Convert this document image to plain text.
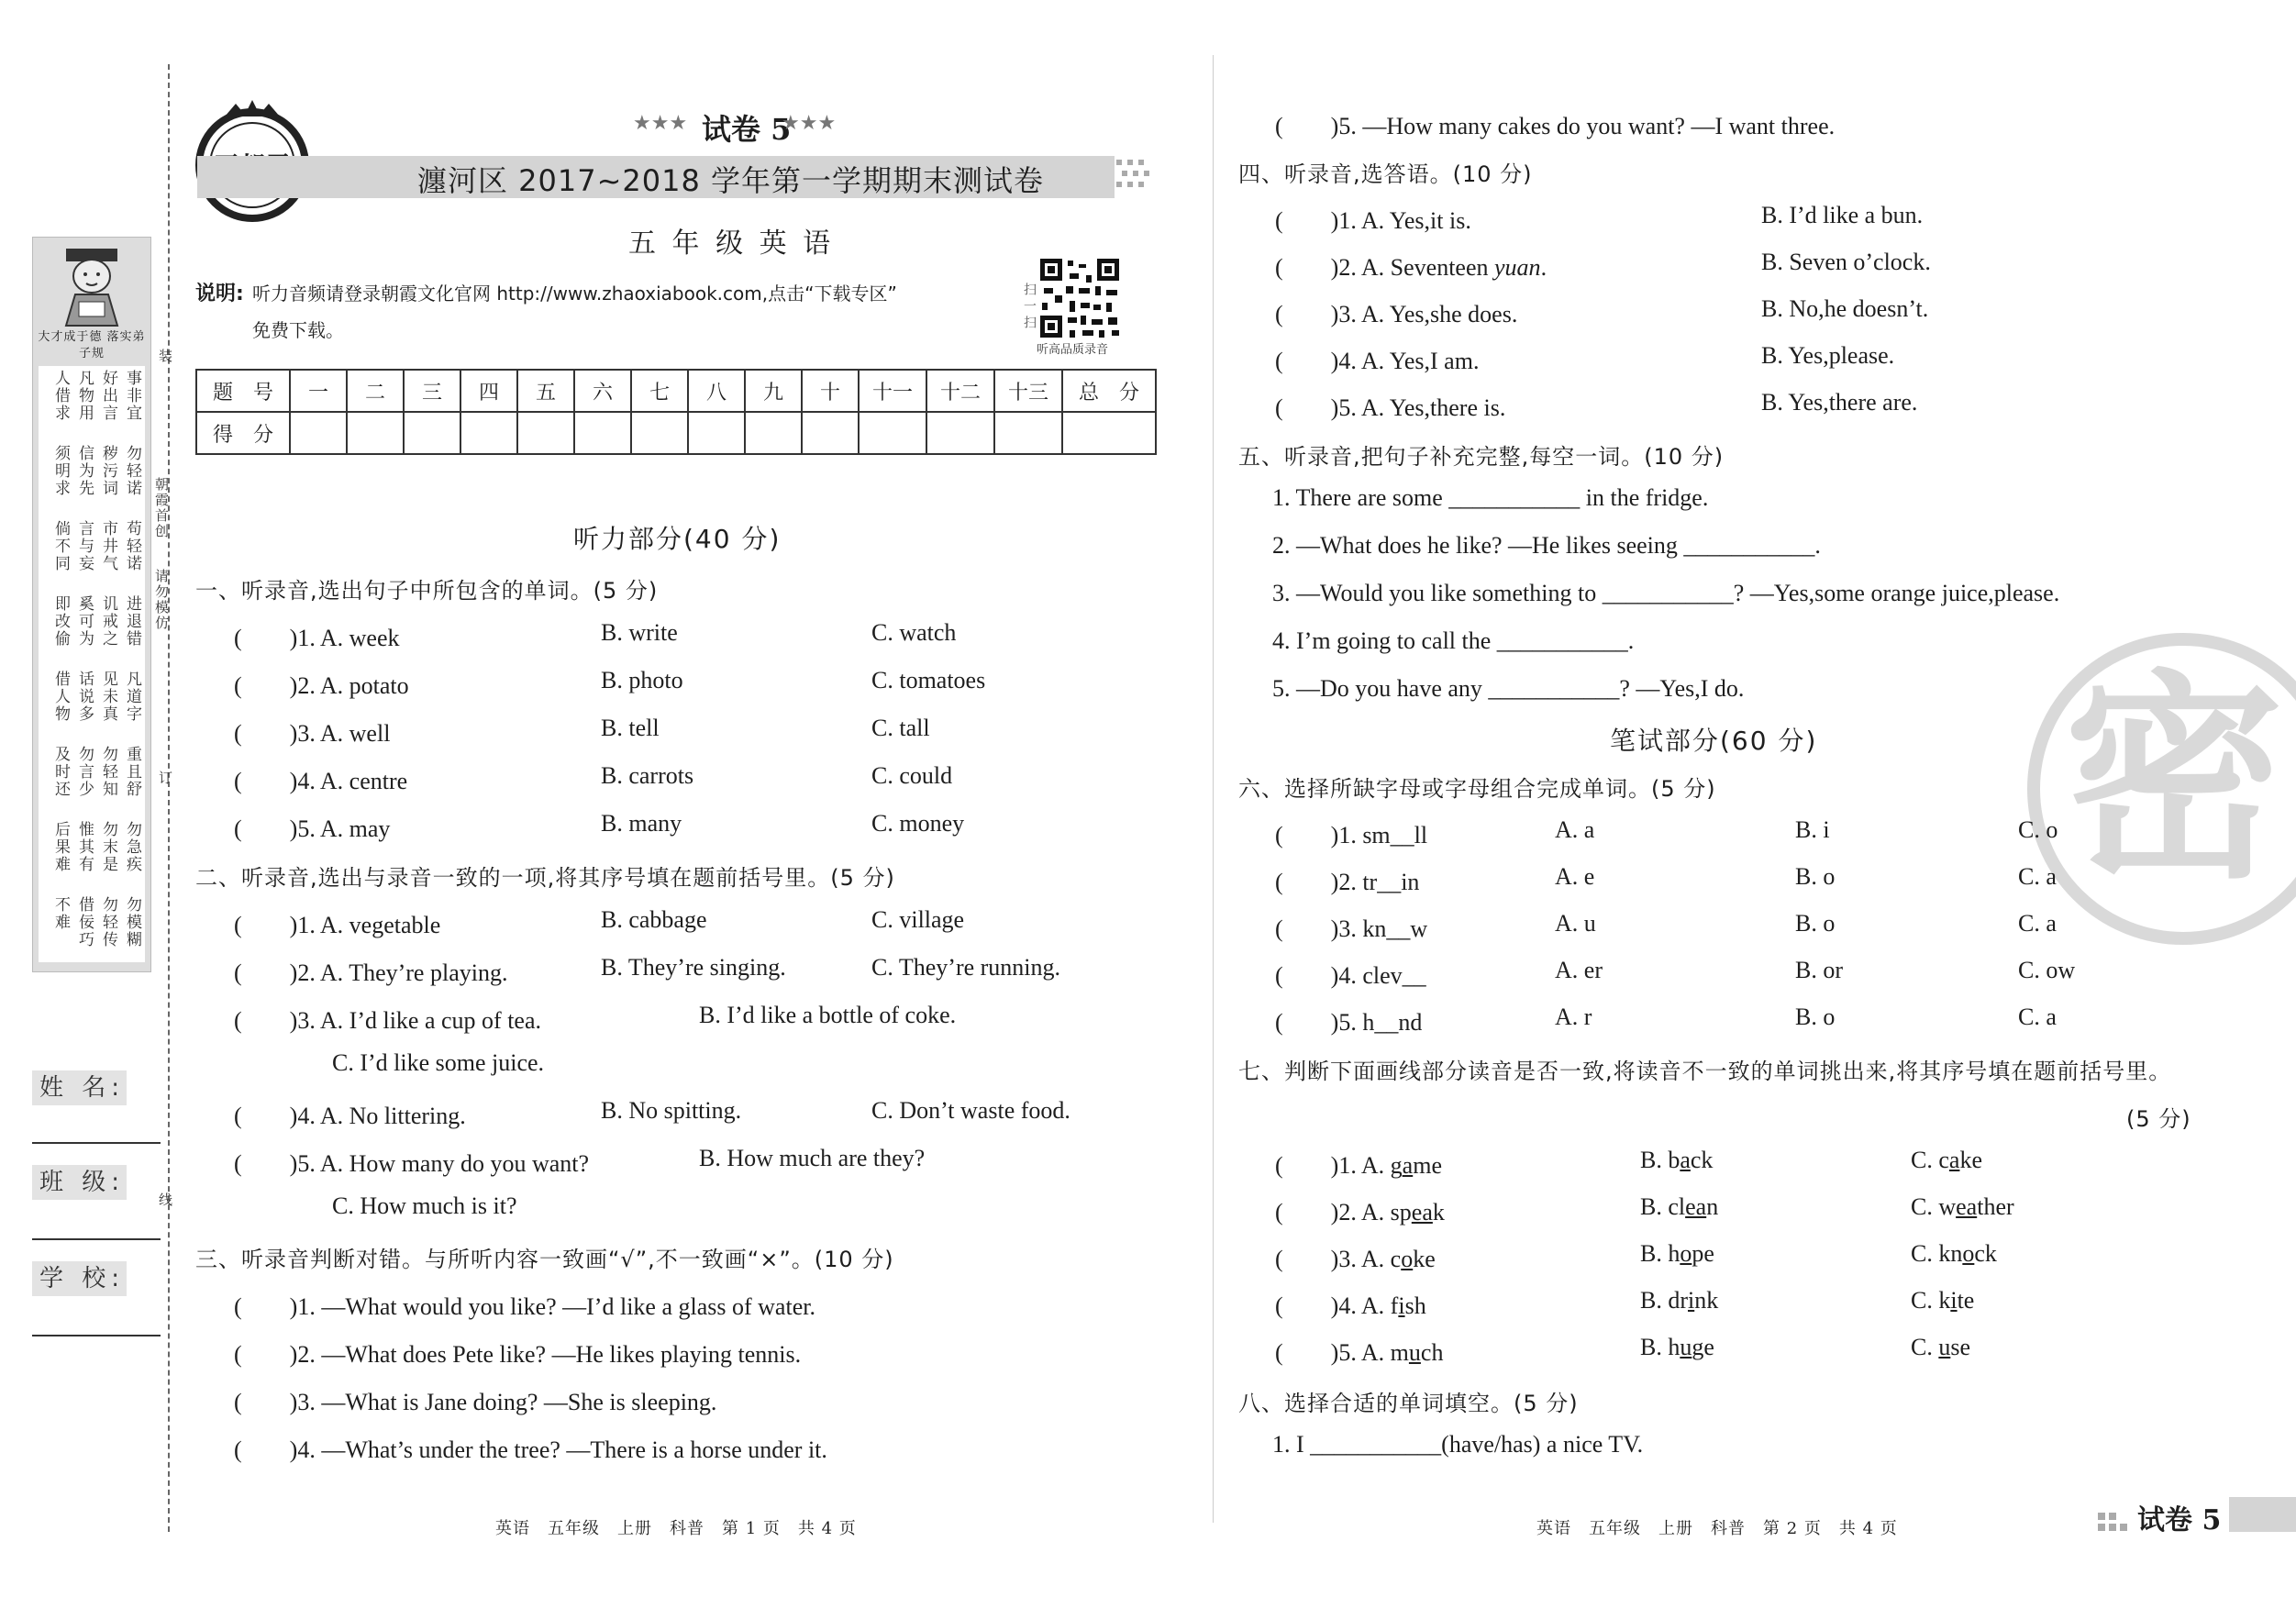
大才成于德 落实弟子规
事非宜
好出言
凡物用
人借求
勿轻诺
秽污词
信为先
须明求
苟轻诺
市井气
言与妄
倘不同
进退错
讥戒之
奚可为
即改偷
凡道字
见未真
话说多
借人物
重且舒
勿轻知
勿言少
及时还
勿急疾
勿末是
惟其有
后果难
勿模糊
勿轻传
借佞巧
不难
装
朝霞首创
请勿模仿
订
线
姓 名:
班 级:
学 校:
★★★ 试卷 5
★★★
瀍河区 2017~2018 学年第一学期期末测试卷
五 年 级 英 语
说明: 听力音频请登录朝霞文化官网 http://www.zhaoxiabook.com,点击“下载专区”
免费下载。	扫一扫
听高品质录音
题　号	一	二	三	四	五	六	七	八	九	十	十一	十二	十三	总　分
得　分														
听力部分(40 分)
一、听录音,选出句子中所包含的单词。(5 分)
(　　)1. A. week	B. write	C. watch
(　　)2. A. potato	B. photo	C. tomatoes
(　　)3. A. well	B. tell	C. tall
(　　)4. A. centre	B. carrots	C. could
(　　)5. A. may	B. many	C. money
二、听录音,选出与录音一致的一项,将其序号填在题前括号里。(5 分)
(　　)1. A. vegetable	B. cabbage	C. village
(　　)2. A. They’re playing.	B. They’re singing.	C. They’re running.
(　　)3. A. I’d like a cup of tea.	B. I’d like a bottle of coke.
C. I’d like some juice.
(　　)4. A. No littering.	B. No spitting.	C. Don’t waste food.
(　　)5. A. How many do you want?	B. How much are they?
C. How much is it?
三、听录音判断对错。与所听内容一致画“√”,不一致画“×”。(10 分)
(　　)1. —What would you like? —I’d like a glass of water.
(　　)2. —What does Pete like? —He likes playing tennis.
(　　)3. —What is Jane doing? —She is sleeping.
(　　)4. —What’s under the tree? —There is a horse under it.
英语　五年级　上册　科普　第 1 页　共 4 页
密
(　　)5. —How many cakes do you want? —I want three.
四、听录音,选答语。(10 分)
(　　)1. A. Yes,it is.	B. I’d like a bun.
(　　)2. A. Seventeen yuan.	B. Seven o’clock.
(　　)3. A. Yes,she does.	B. No,he doesn’t.
(　　)4. A. Yes,I am.	B. Yes,please.
(　　)5. A. Yes,there is.	B. Yes,there are.
五、听录音,把句子补充完整,每空一词。(10 分)
1. There are some ___________ in the fridge.
2. —What does he like? —He likes seeing ___________.
3. —Would you like something to ___________? —Yes,some orange juice,please.
4. I’m going to call the ___________.
5. —Do you have any ___________? —Yes,I do.
笔试部分(60 分)
六、选择所缺字母或字母组合完成单词。(5 分)
(　　)1. sm__ll	A. a	B. i	C. o
(　　)2. tr__in	A. e	B. o	C. a
(　　)3. kn__w	A. u	B. o	C. a
(　　)4. clev__	A. er	B. or	C. ow
(　　)5. h__nd	A. r	B. o	C. a
七、判断下面画线部分读音是否一致,将读音不一致的单词挑出来,将其序号填在题前括号里。
(5 分)
(　　)1. A. game	B. back	C. cake
(　　)2. A. speak	B. clean	C. weather
(　　)3. A. coke	B. hope	C. knock
(　　)4. A. fish	B. drink	C. kite
(　　)5. A. much	B. huge	C. use
八、选择合适的单词填空。(5 分)
1. I ___________(have/has) a nice TV.
英语　五年级　上册　科普　第 2 页　共 4 页	试卷 5
